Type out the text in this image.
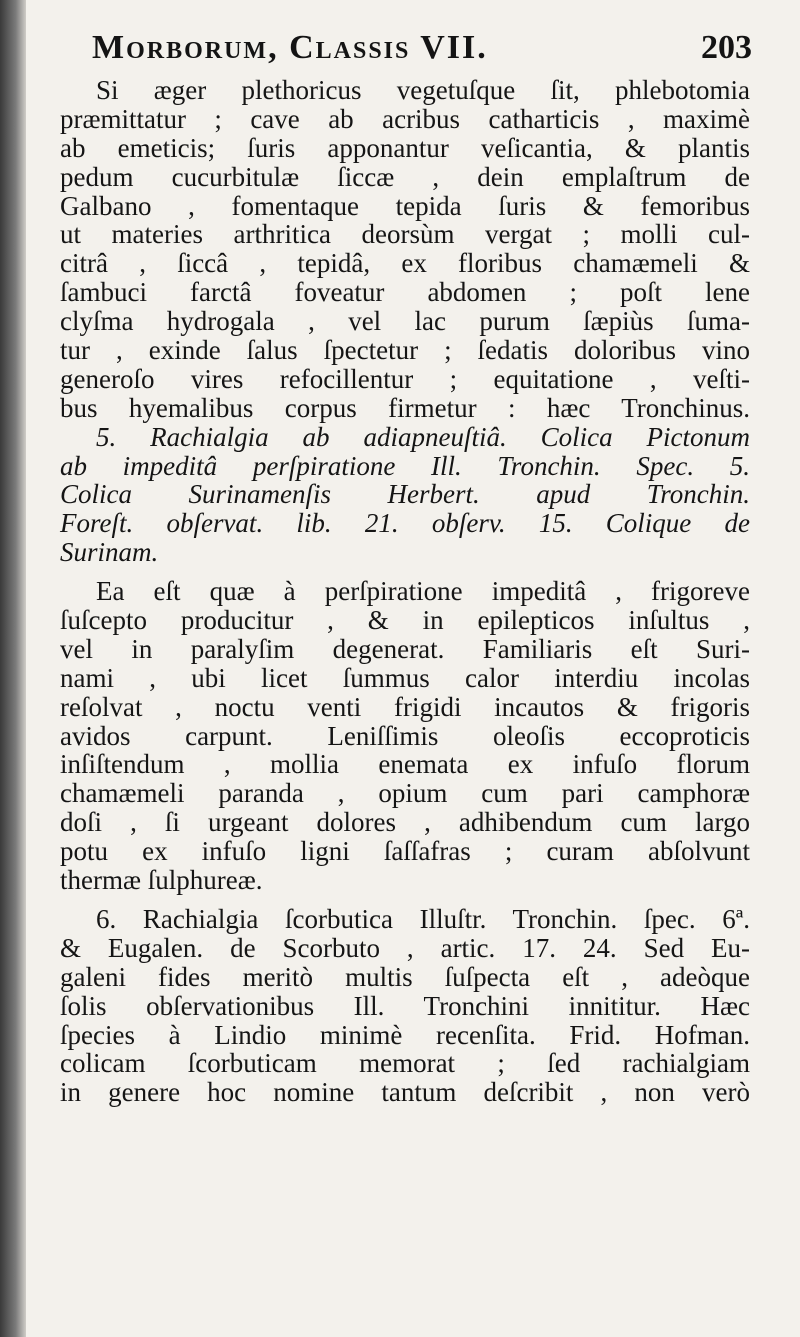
Morborum, Classis VII.	203
Si æger plethoricus vegetuſque ſit, phlebotomia
præmittatur ; cave ab acribus catharticis , maximè
ab emeticis; ſuris apponantur veſicantia, & plantis
pedum cucurbitulæ ſiccæ , dein emplaſtrum de
Galbano , fomentaque tepida ſuris & femoribus
ut materies arthritica deorsùm vergat ; molli cul-
citrâ , ſiccâ , tepidâ, ex floribus chamæmeli &
ſambuci farctâ foveatur abdomen ; poſt lene
clyſma hydrogala , vel lac purum ſæpiùs ſuma-
tur , exinde ſalus ſpectetur ; ſedatis doloribus vino
generoſo vires refocillentur ; equitatione , veſti-
bus hyemalibus corpus firmetur : hæc Tronchinus.
5. Rachialgia ab adiapneuſtiâ. Colica Pictonum
ab impeditâ perſpiratione Ill. Tronchin. Spec. 5.
Colica Surinamenſis Herbert. apud Tronchin.
Foreſt. obſervat. lib. 21. obſerv. 15. Colique de
Surinam.
Ea eſt quæ à perſpiratione impeditâ , frigoreve
ſuſcepto producitur , & in epilepticos inſultus ,
vel in paralyſim degenerat. Familiaris eſt Suri-
nami , ubi licet ſummus calor interdiu incolas
reſolvat , noctu venti frigidi incautos & frigoris
avidos carpunt. Leniſſimis oleoſis eccoproticis
inſiſtendum , mollia enemata ex infuſo florum
chamæmeli paranda , opium cum pari camphoræ
doſi , ſi urgeant dolores , adhibendum cum largo
potu ex infuſo ligni ſaſſafras ; curam abſolvunt
thermæ ſulphureæ.
6. Rachialgia ſcorbutica Illuſtr. Tronchin. ſpec. 6ª.
& Eugalen. de Scorbuto , artic. 17. 24. Sed Eu-
galeni fides meritò multis ſuſpecta eſt , adeòque
ſolis obſervationibus Ill. Tronchini innititur. Hæc
ſpecies à Lindio minimè recenſita. Frid. Hofman.
colicam ſcorbuticam memorat ; ſed rachialgiam
in genere hoc nomine tantum deſcribit , non verò
